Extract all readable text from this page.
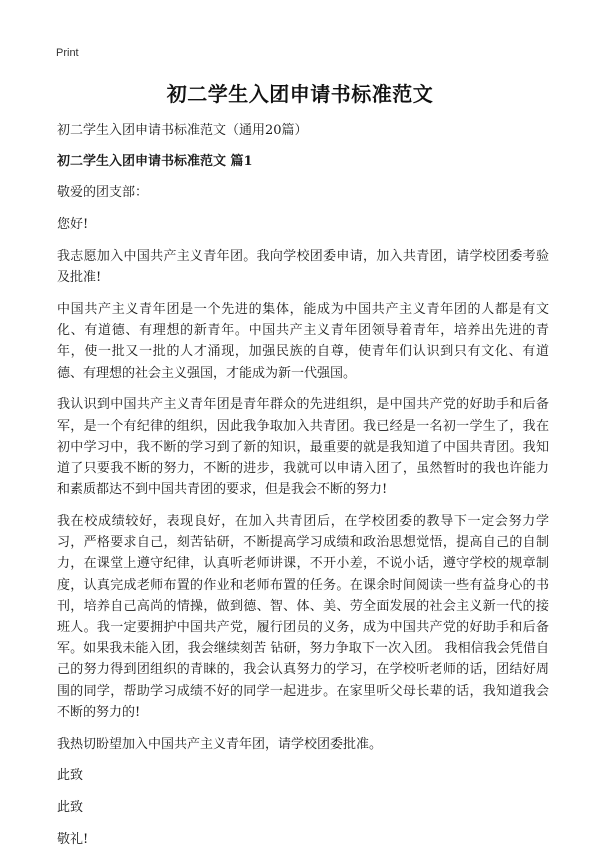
Print
初二学生入团申请书标准范文

初二学生入团申请书标准范文（通用20篇）

初二学生入团申请书标准范文 篇1

敬爱的团支部：

您好!

我志愿加入中国共产主义青年团。我向学校团委申请，加入共青团，请学校团委考验及批准!

中国共产主义青年团是一个先进的集体，能成为中国共产主义青年团的人都是有文化、有道德、有理想的新青年。中国共产主义青年团领导着青年，培养出先进的青年，使一批又一批的人才涌现，加强民族的自尊，使青年们认识到只有文化、有道德、有理想的社会主义强国，才能成为新一代强国。

我认识到中国共产主义青年团是青年群众的先进组织，是中国共产党的好助手和后备军，是一个有纪律的组织，因此我争取加入共青团。我已经是一名初一学生了，我在初中学习中，我不断的学习到了新的知识，最重要的就是我知道了中国共青团。我知道了只要我不断的努力，不断的进步，我就可以申请入团了，虽然暂时的我也许能力和素质都达不到中国共青团的要求，但是我会不断的努力!

我在校成绩较好，表现良好，在加入共青团后，在学校团委的教导下一定会努力学习，严格要求自己，刻苦钻研，不断提高学习成绩和政治思想觉悟，提高自己的自制力，在课堂上遵守纪律，认真听老师讲课，不开小差，不说小话，遵守学校的规章制度，认真完成老师布置的作业和老师布置的任务。在课余时间阅读一些有益身心的书刊，培养自己高尚的情操，做到德、智、体、美、劳全面发展的社会主义新一代的接班人。我一定要拥护中国共产党，履行团员的义务，成为中国共产党的好助手和后备军。如果我未能入团，我会继续刻苦 钻研，努力争取下一次入团。 我相信我会凭借自己的努力得到团组织的青睐的，我会认真努力的学习，在学校听老师的话，团结好周围的同学，帮助学习成绩不好的同学一起进步。在家里听父母长辈的话，我知道我会不断的努力的!

我热切盼望加入中国共产主义青年团，请学校团委批准。

此致

此致

敬礼!
